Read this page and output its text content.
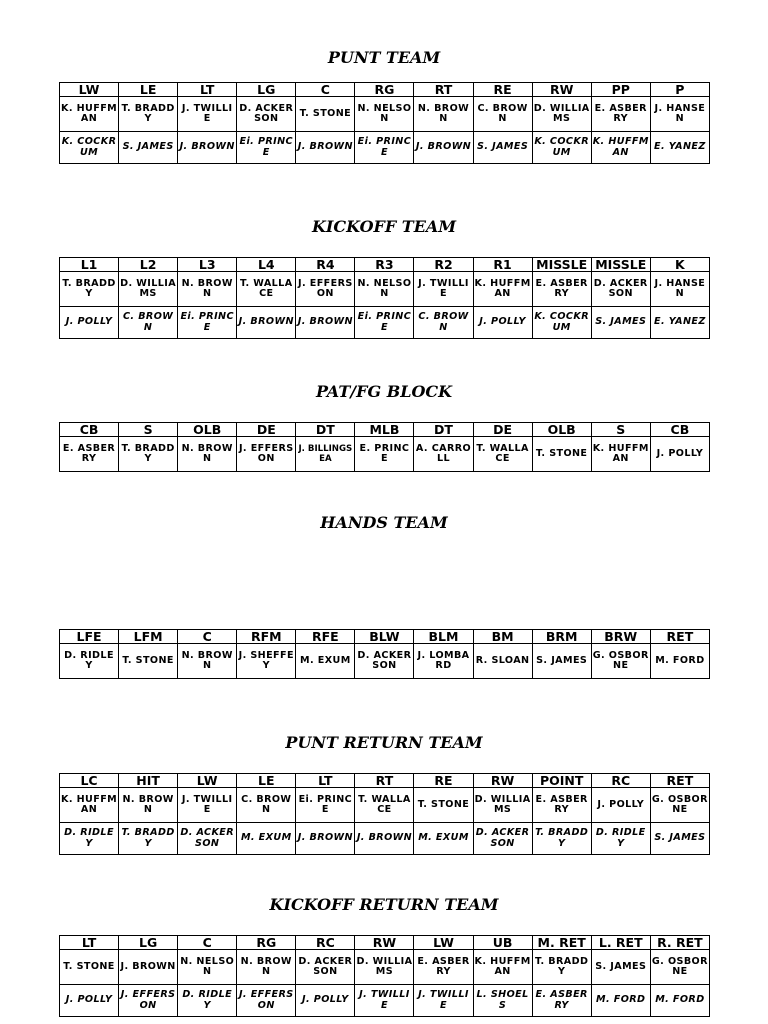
PUNT TEAM
KICKOFF TEAM
PAT/FG BLOCK
HANDS TEAM
PUNT RETURN TEAM
KICKOFF RETURN TEAM
LW	LE	LT	LG	C	RG	RT	RE	RW	PP	P
K. HUFFMAN	T. BRADDY	J. TWILLIE	D. ACKERSON	T. STONE	N. NELSON	N. BROWN	C. BROWN	D. WILLIAMS	E. ASBERRY	J. HANSEN
K. COCKRUM	S. JAMES	J. BROWN	Ei. PRINCE	J. BROWN	Ei. PRINCE	J. BROWN	S. JAMES	K. COCKRUM	K. HUFFMAN	E. YANEZ
L1	L2	L3	L4	R4	R3	R2	R1	MISSLE	MISSLE	K
T. BRADDY	D. WILLIAMS	N. BROWN	T. WALLACE	J. EFFERSON	N. NELSON	J. TWILLIE	K. HUFFMAN	E. ASBERRY	D. ACKERSON	J. HANSEN
J. POLLY	C. BROWN	Ei. PRINCE	J. BROWN	J. BROWN	Ei. PRINCE	C. BROWN	J. POLLY	K. COCKRUM	S. JAMES	E. YANEZ
CB	S	OLB	DE	DT	MLB	DT	DE	OLB	S	CB
E. ASBERRY	T. BRADDY	N. BROWN	J. EFFERSON	J. BILLINGSEA	E. PRINCE	A. CARROLL	T. WALLACE	T. STONE	K. HUFFMAN	J. POLLY
LFE	LFM	C	RFM	RFE	BLW	BLM	BM	BRM	BRW	RET
D. RIDLEY	T. STONE	N. BROWN	J. SHEFFEY	M. EXUM	D. ACKERSON	J. LOMBARD	R. SLOAN	S. JAMES	G. OSBORNE	M. FORD
LC	HIT	LW	LE	LT	RT	RE	RW	POINT	RC	RET
K. HUFFMAN	N. BROWN	J. TWILLIE	C. BROWN	Ei. PRINCE	T. WALLACE	T. STONE	D. WILLIAMS	E. ASBERRY	J. POLLY	G. OSBORNE
D. RIDLEY	T. BRADDY	D. ACKERSON	M. EXUM	J. BROWN	J. BROWN	M. EXUM	D. ACKERSON	T. BRADDY	D. RIDLEY	S. JAMES
LT	LG	C	RG	RC	RW	LW	UB	M. RET	L. RET	R. RET
T. STONE	J. BROWN	N. NELSON	N. BROWN	D. ACKERSON	D. WILLIAMS	E. ASBERRY	K. HUFFMAN	T. BRADDY	S. JAMES	G. OSBORNE
J. POLLY	J. EFFERSON	D. RIDLEY	J. EFFERSON	J. POLLY	J. TWILLIE	J. TWILLIE	L. SHOELS	E. ASBERRY	M. FORD	M. FORD
